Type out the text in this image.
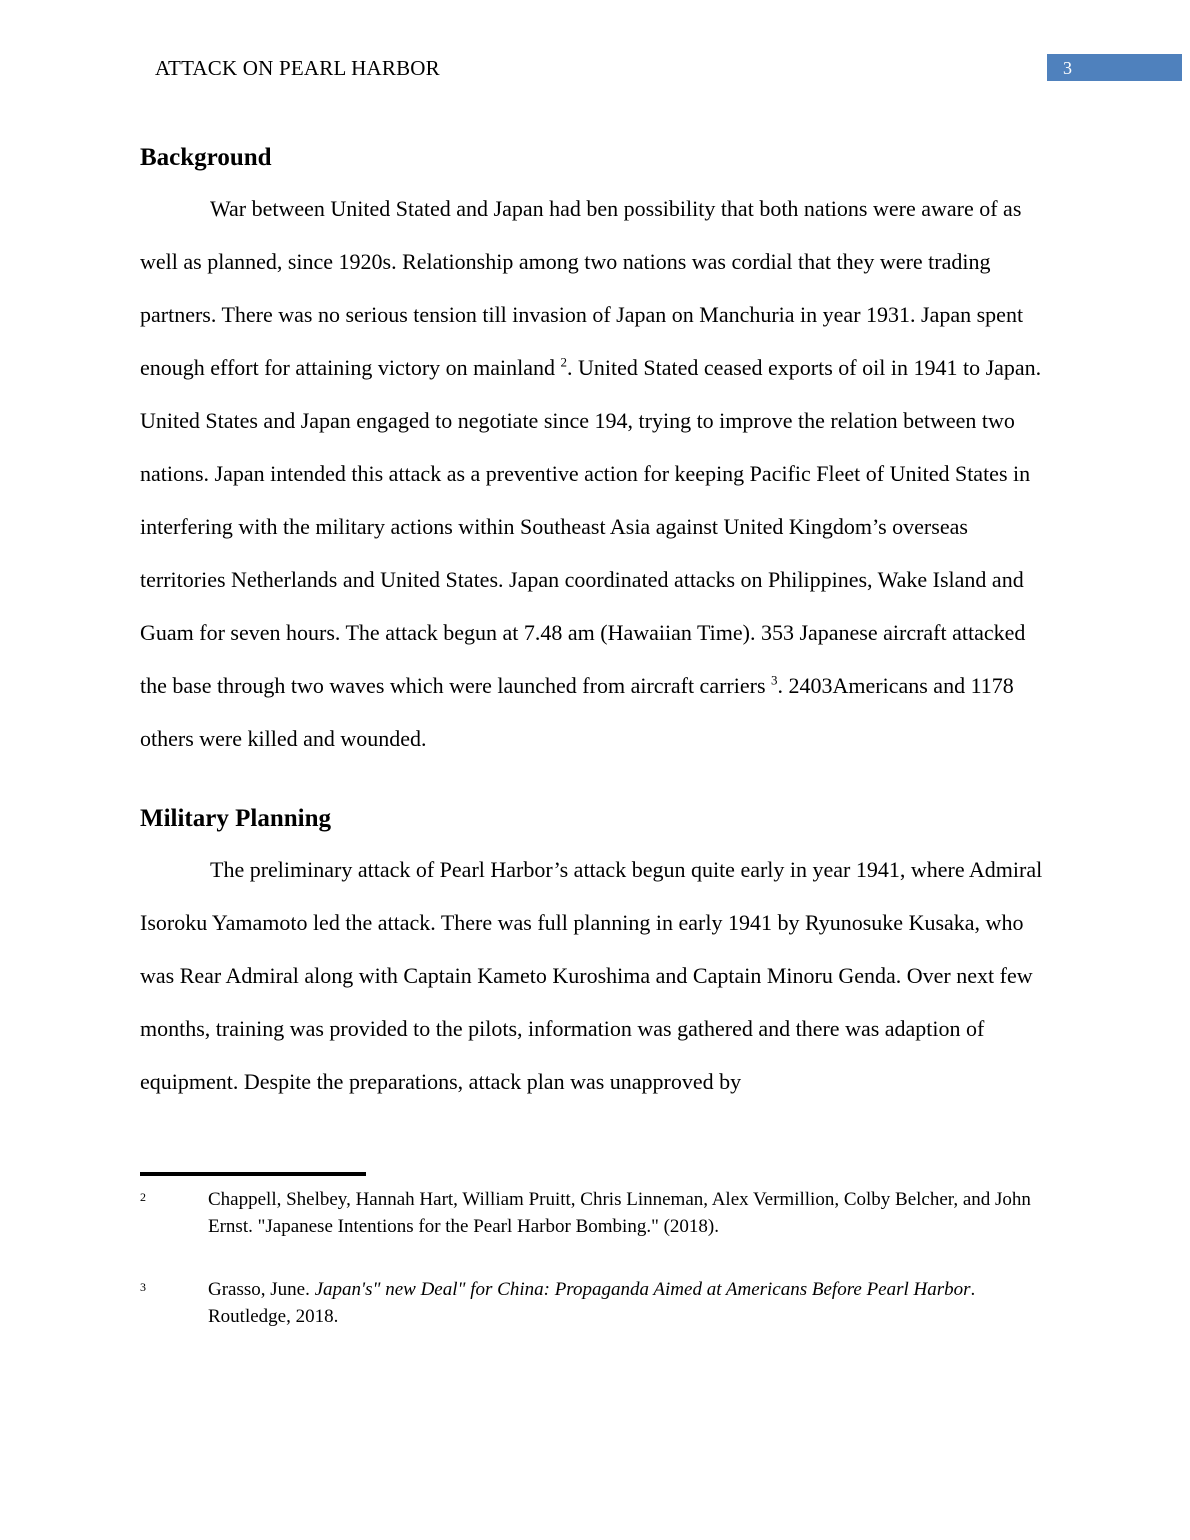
ATTACK ON PEARL HARBOR	3
Background

War between United Stated and Japan had ben possibility that both nations were aware of as well as planned, since 1920s. Relationship among two nations was cordial that they were trading partners. There was no serious tension till invasion of Japan on Manchuria in year 1931. Japan spent enough effort for attaining victory on mainland $^2$. United Stated ceased exports of oil in 1941 to Japan. United States and Japan engaged to negotiate since 194, trying to improve the relation between two nations. Japan intended this attack as a preventive action for keeping Pacific Fleet of United States in interfering with the military actions within Southeast Asia against United Kingdom’s overseas territories Netherlands and United States. Japan coordinated attacks on Philippines, Wake Island and Guam for seven hours. The attack begun at 7.48 am (Hawaiian Time). 353 Japanese aircraft attacked the base through two waves which were launched from aircraft carriers $^3$. 2403Americans and 1178 others were killed and wounded.

Military Planning

The preliminary attack of Pearl Harbor’s attack begun quite early in year 1941, where Admiral Isoroku Yamamoto led the attack. There was full planning in early 1941 by Ryunosuke Kusaka, who was Rear Admiral along with Captain Kameto Kuroshima and Captain Minoru Genda. Over next few months, training was provided to the pilots, information was gathered and there was adaption of equipment. Despite the preparations, attack plan was unapproved by

2	Chappell, Shelbey, Hannah Hart, William Pruitt, Chris Linneman, Alex Vermillion, Colby Belcher, and John Ernst. "Japanese Intentions for the Pearl Harbor Bombing." (2018).
3	Grasso, June. Japan's" new Deal" for China: Propaganda Aimed at Americans Before Pearl Harbor. Routledge, 2018.
